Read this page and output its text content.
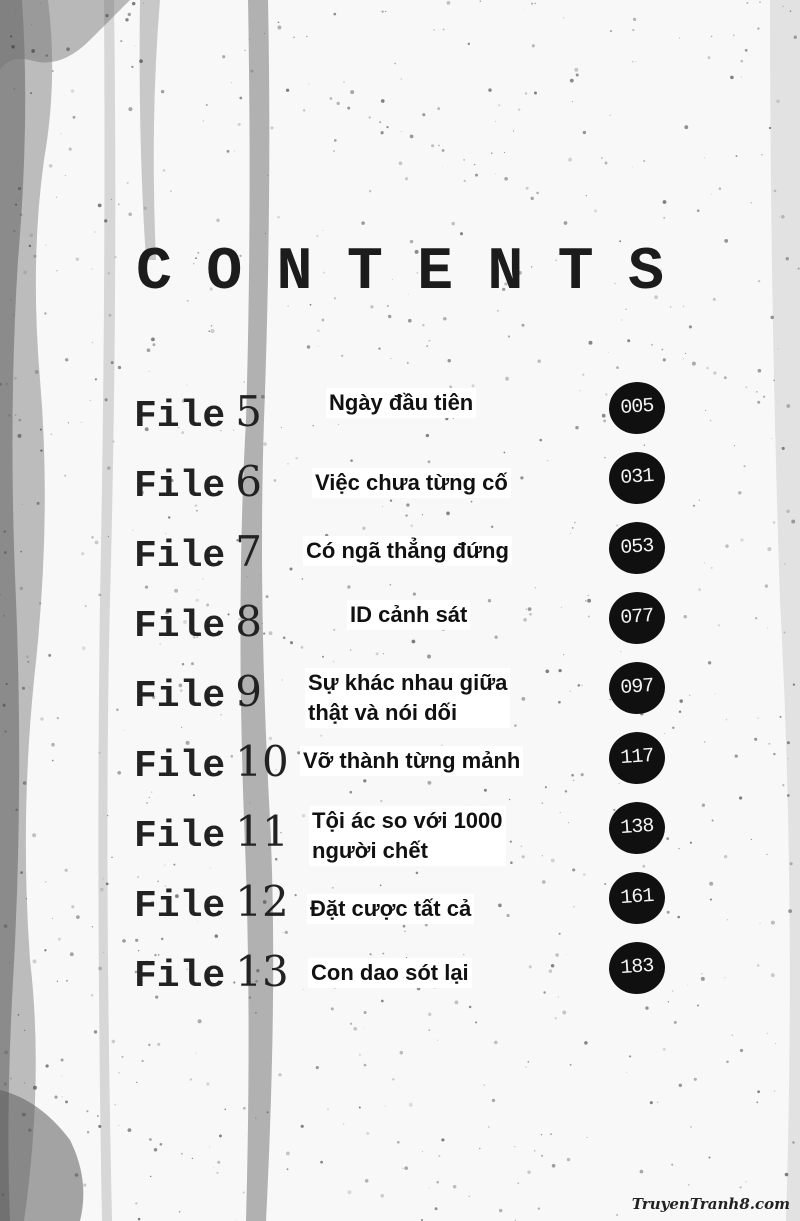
C O N T E N T S
File 5	Ngày đầu tiên	005
File 6 Việc chưa từng cố	031
File 7 Có ngã thẳng đứng	053
File 8	ID cảnh sát	077
File 9 Sự khác nhau giữa
thật và nói dối
097
File 10 Vỡ thành từng mảnh	117
File 11 Tội ác so với 1000
người chết
138
File 12 Đặt cược tất cả	161
File 13 Con dao sót lại	183
TruyenTranh8.com
